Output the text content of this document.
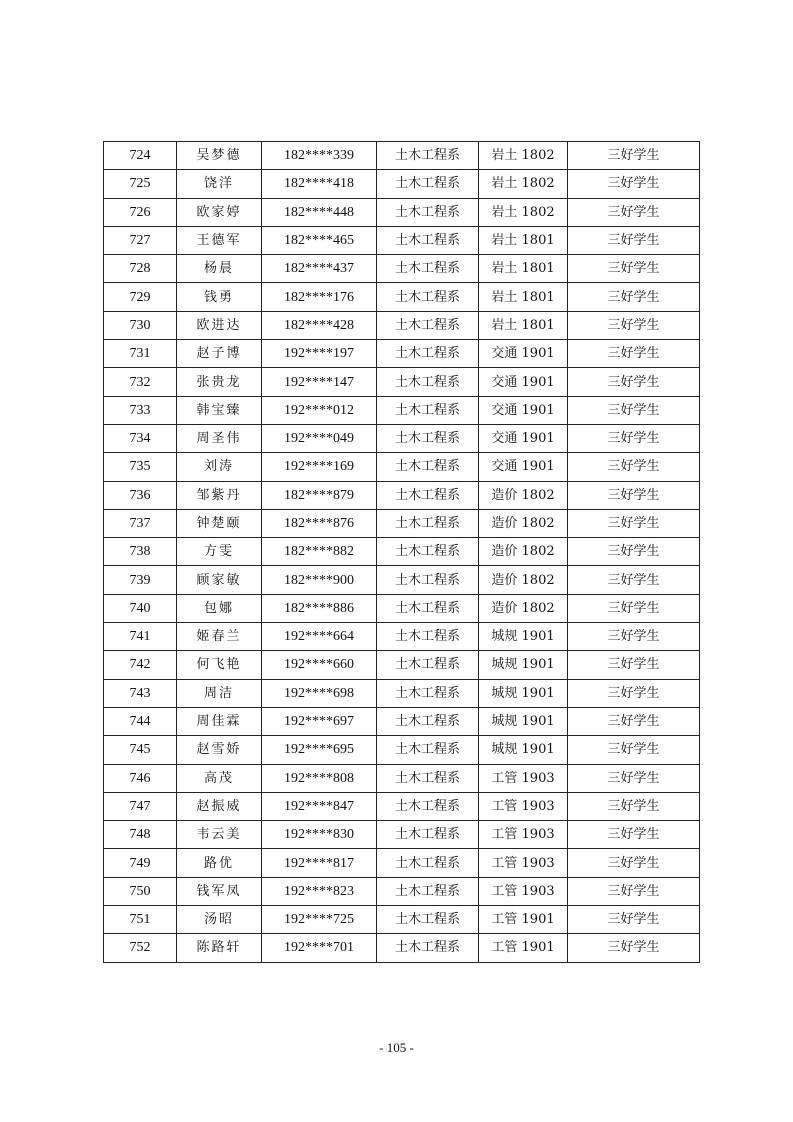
724	吴梦德	182****339	土木工程系	岩土 1802	三好学生
725	饶洋	182****418	土木工程系	岩土 1802	三好学生
726	欧家婷	182****448	土木工程系	岩土 1802	三好学生
727	王德军	182****465	土木工程系	岩土 1801	三好学生
728	杨晨	182****437	土木工程系	岩土 1801	三好学生
729	钱勇	182****176	土木工程系	岩土 1801	三好学生
730	欧进达	182****428	土木工程系	岩土 1801	三好学生
731	赵子博	192****197	土木工程系	交通 1901	三好学生
732	张贵龙	192****147	土木工程系	交通 1901	三好学生
733	韩宝臻	192****012	土木工程系	交通 1901	三好学生
734	周圣伟	192****049	土木工程系	交通 1901	三好学生
735	刘涛	192****169	土木工程系	交通 1901	三好学生
736	邹紫丹	182****879	土木工程系	造价 1802	三好学生
737	钟楚颐	182****876	土木工程系	造价 1802	三好学生
738	方雯	182****882	土木工程系	造价 1802	三好学生
739	顾家敏	182****900	土木工程系	造价 1802	三好学生
740	包娜	182****886	土木工程系	造价 1802	三好学生
741	姬春兰	192****664	土木工程系	城规 1901	三好学生
742	何飞艳	192****660	土木工程系	城规 1901	三好学生
743	周洁	192****698	土木工程系	城规 1901	三好学生
744	周佳霖	192****697	土木工程系	城规 1901	三好学生
745	赵雪娇	192****695	土木工程系	城规 1901	三好学生
746	高茂	192****808	土木工程系	工管 1903	三好学生
747	赵振威	192****847	土木工程系	工管 1903	三好学生
748	韦云美	192****830	土木工程系	工管 1903	三好学生
749	路优	192****817	土木工程系	工管 1903	三好学生
750	钱军凤	192****823	土木工程系	工管 1903	三好学生
751	汤昭	192****725	土木工程系	工管 1901	三好学生
752	陈路轩	192****701	土木工程系	工管 1901	三好学生
- 105 -
